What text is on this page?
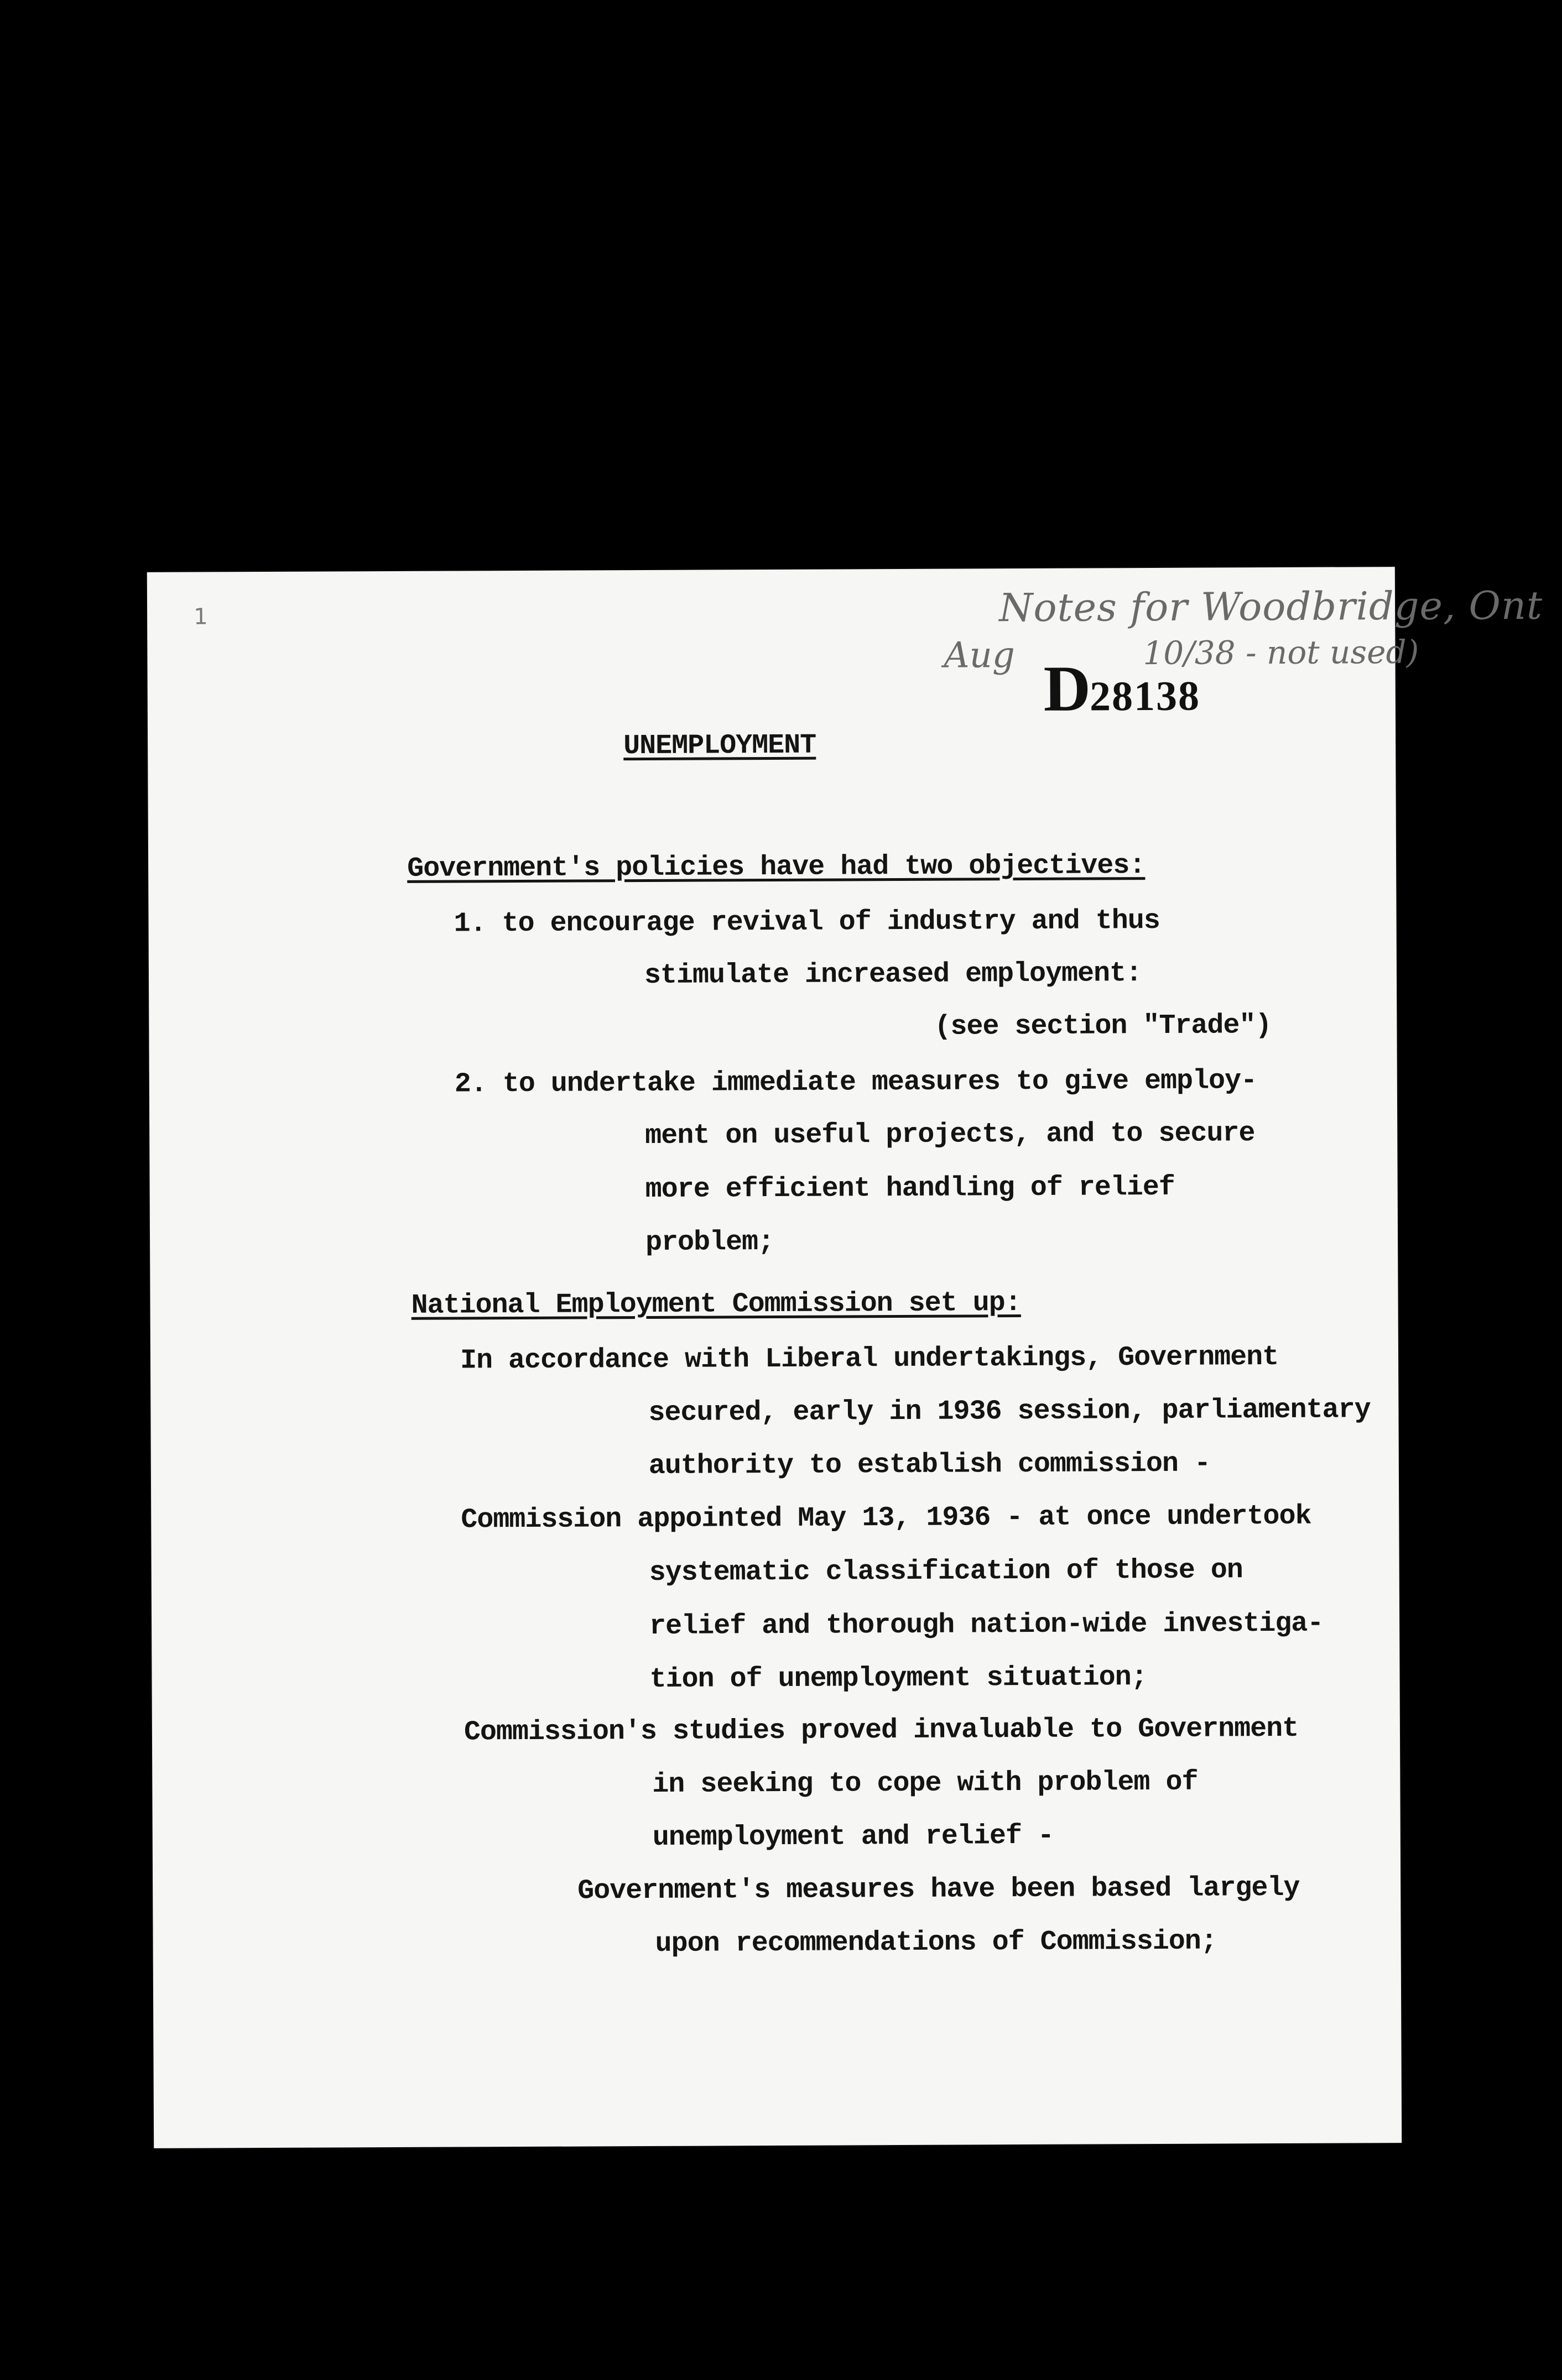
1	Notes for Woodbridge, Ont
Aug	10/38 - not used)
D28138
UNEMPLOYMENT
Government's policies have had two objectives:
1. to encourage revival of industry and thus
stimulate increased employment:
(see section "Trade")
2. to undertake immediate measures to give employ-
ment on useful projects, and to secure
more efficient handling of relief
problem;
National Employment Commission set up:
In accordance with Liberal undertakings, Government
secured, early in 1936 session, parliamentary
authority to establish commission -
Commission appointed May 13, 1936 - at once undertook
systematic classification of those on
relief and thorough nation-wide investiga-
tion of unemployment situation;
Commission's studies proved invaluable to Government
in seeking to cope with problem of
unemployment and relief -
Government's measures have been based largely
upon recommendations of Commission;
